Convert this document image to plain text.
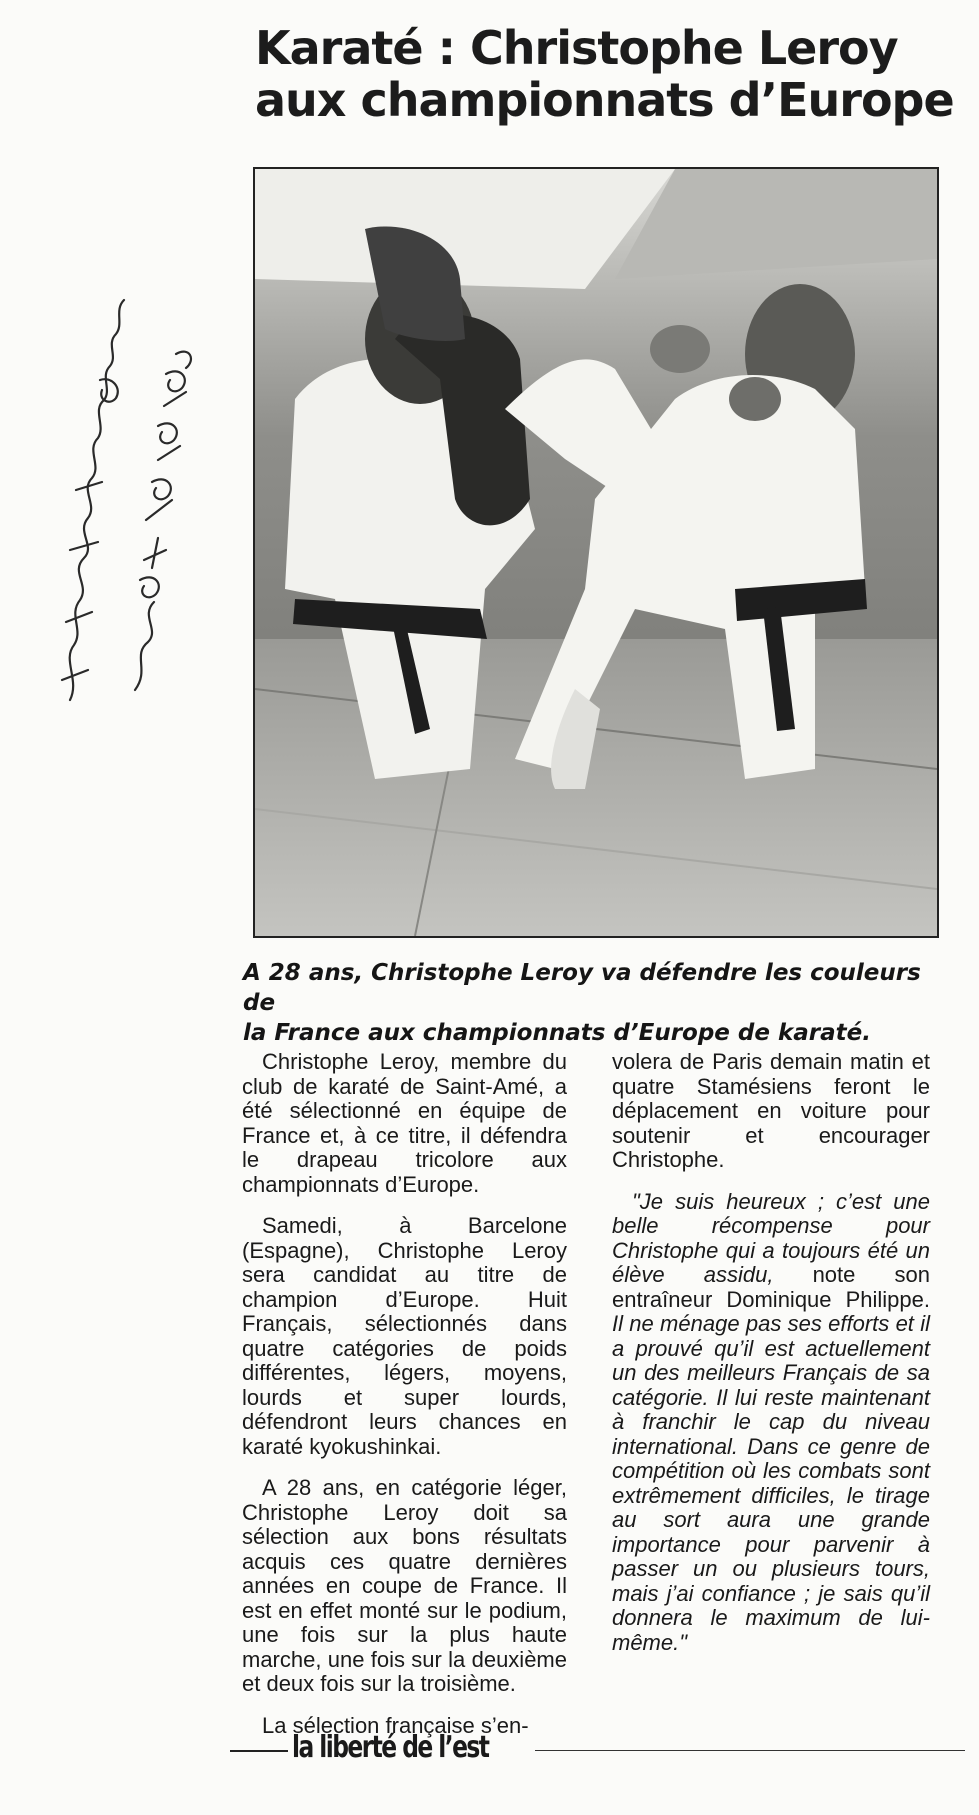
Karaté : Christophe Leroy
aux championnats d’Europe

A 28 ans, Christophe Leroy va défendre les couleurs de
la France aux championnats d’Europe de karaté.

Christophe Leroy, membre du club de karaté de Saint-Amé, a été sélectionné en équipe de France et, à ce titre, il défendra le drapeau tricolore aux championnats d’Europe.

Samedi, à Barcelone (Espagne), Christophe Leroy sera candidat au titre de champion d’Europe. Huit Français, sélectionnés dans quatre catégories de poids différentes, légers, moyens, lourds et super lourds, défendront leurs chances en karaté kyokushinkai.

A 28 ans, en catégorie léger, Christophe Leroy doit sa sélection aux bons résultats acquis ces quatre dernières années en coupe de France. Il est en effet monté sur le podium, une fois sur la plus haute marche, une fois sur la deuxième et deux fois sur la troisième.

La sélection française s’en-

volera de Paris demain matin et quatre Stamésiens feront le déplacement en voiture pour soutenir et encourager Christophe.

"Je suis heureux ; c’est une belle récompense pour Christophe qui a toujours été un élève assidu, note son entraîneur Dominique Philippe. Il ne ménage pas ses efforts et il a prouvé qu’il est actuellement un des meilleurs Français de sa catégorie. Il lui reste maintenant à franchir le cap du niveau international. Dans ce genre de compétition où les combats sont extrêmement difficiles, le tirage au sort aura une grande importance pour parvenir à passer un ou plusieurs tours, mais j’ai confiance ; je sais qu’il donnera le maximum de lui-même."

la liberté de l’est
